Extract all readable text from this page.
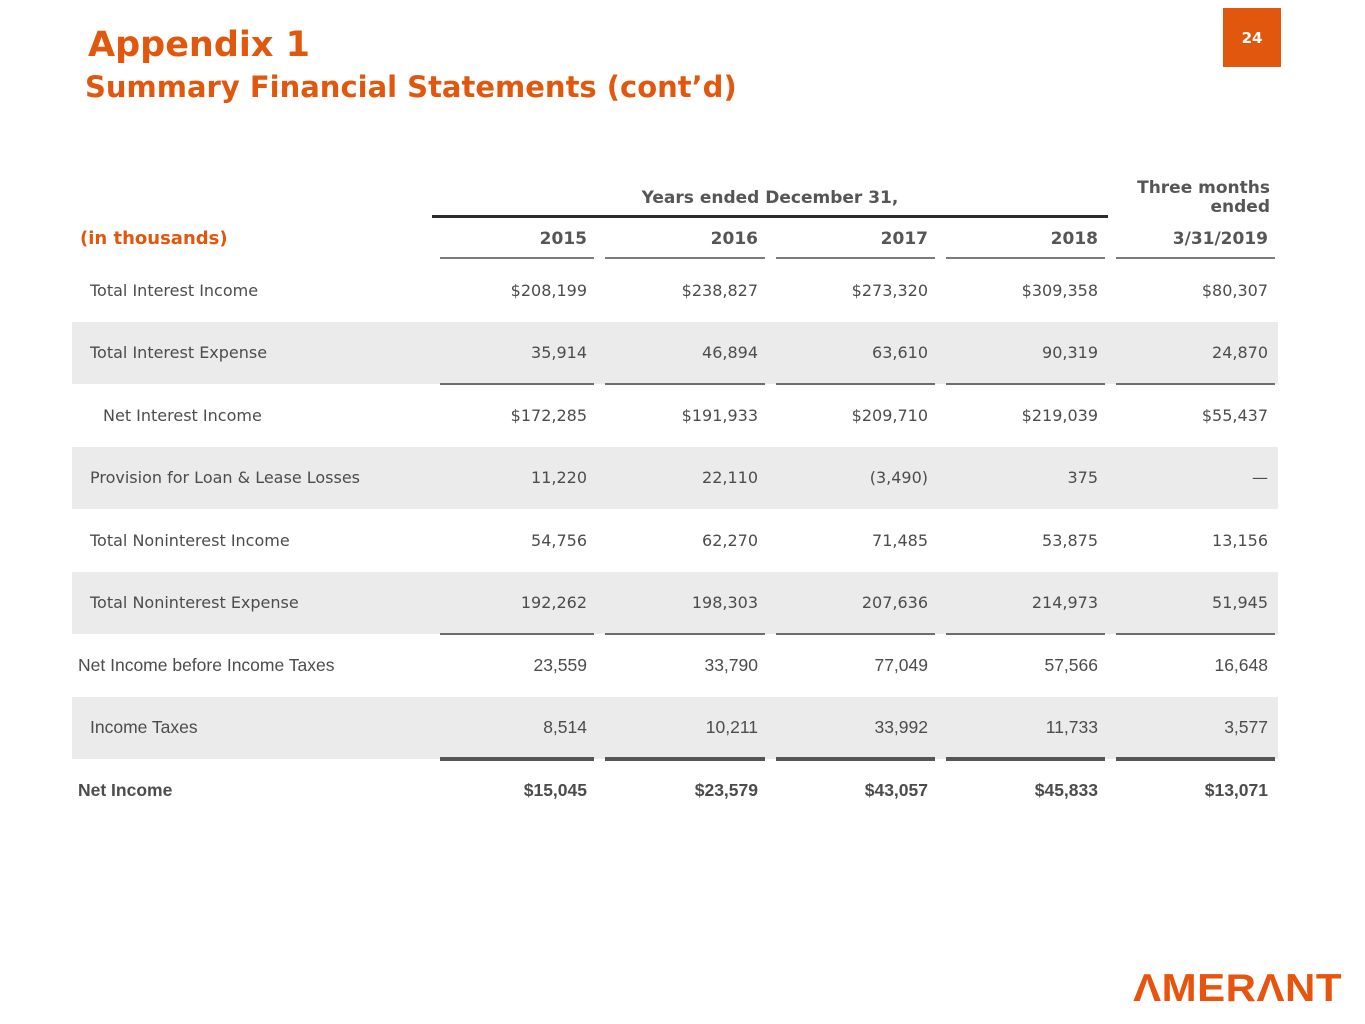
Appendix 1
Summary Financial Statements (cont’d)
24
Years ended December 31,	Three months
ended
(in thousands)	2015	2016	2017	2018	3/31/2019
Total Interest Income	$208,199	$238,827	$273,320	$309,358	$80,307
Total Interest Expense	35,914	46,894	63,610	90,319	24,870
Net Interest Income	$172,285	$191,933	$209,710	$219,039	$55,437
Provision for Loan & Lease Losses	11,220	22,110	(3,490)	375	—
Total Noninterest Income	54,756	62,270	71,485	53,875	13,156
Total Noninterest Expense	192,262	198,303	207,636	214,973	51,945
Net Income before Income Taxes	23,559	33,790	77,049	57,566	16,648
Income Taxes	8,514	10,211	33,992	11,733	3,577
Net Income	$15,045	$23,579	$43,057	$45,833	$13,071
ΛMERΛNT
